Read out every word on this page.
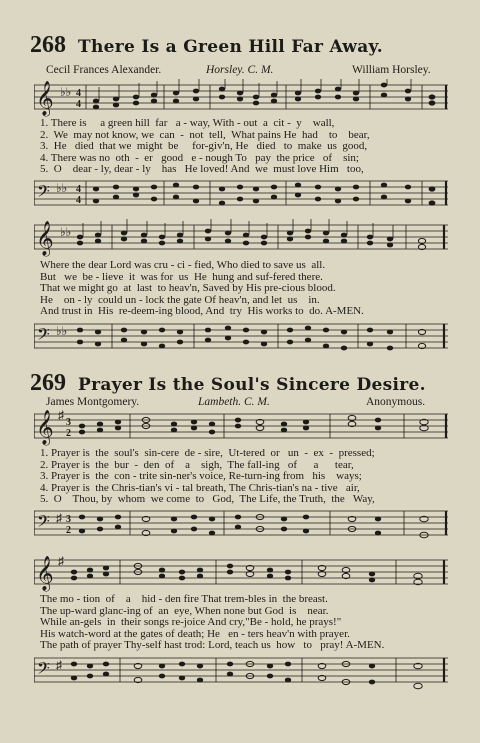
268 There Is a Green Hill Far Away.
Cecil Frances Alexander.	Horsley. C. M.	William Horsley.
𝄞 ♭♭ 4
4
1. There is     a green hill  far   a - way, With - out  a  cit -  y    wall,
2.  We  may not know, we  can  -  not  tell,  What pains He  had    to    bear,
3.  He   died  that we  might  be     for-giv'n, He   died   to  make  us  good,
4. There was no  oth  -  er   good   e - nough To   pay  the price   of    sin;
5.  O    dear - ly, dear - ly    has   He loved! And  we  must love Him   too,
𝄢 ♭♭ 4
4
𝄞 ♭♭
Where the dear Lord was cru - ci - fied, Who died to save us  all.
But   we  be - lieve  it  was for  us  He  hung and suf-fered there.
That we might go  at  last  to heav'n, Saved by His pre-cious blood.
He    on - ly  could un - lock the gate Of heav'n, and let  us    in.
And trust in  His  re-deem-ing blood, And  try  His works to  do. A-MEN.
𝄢 ♭♭
269 Prayer Is the Soul's Sincere Desire.
James Montgomery.	Lambeth. C. M.	Anonymous.
𝄞 ♯
3
2
1. Prayer is  the  soul's  sin-cere  de - sire,  Ut-tered  or   un  -  ex  -  pressed;
2. Prayer is  the  bur  -  den  of    a    sigh,  The fall-ing   of      a      tear,
3. Prayer is  the  con - trite sin-ner's voice, Re-turn-ing from   his    ways;
4. Prayer is  the Chris-tian's vi - tal breath, The Chris-tian's na - tive   air,
5.  O    Thou, by  whom  we come  to   God,  The Life, the Truth,  the   Way,
𝄢 ♯ 3
2
𝄞 ♯
The mo - tion  of    a    hid - den fire That trem-bles in  the breast.
The up-ward glanc-ing of  an  eye, When none but God  is    near.
While an-gels  in  their songs re-joice And cry,"Be - hold, he prays!"
His watch-word at the gates of death; He   en - ters heav'n with prayer.
The path of prayer Thy-self hast trod: Lord, teach us  how   to   pray! A-MEN.
𝄢 ♯
